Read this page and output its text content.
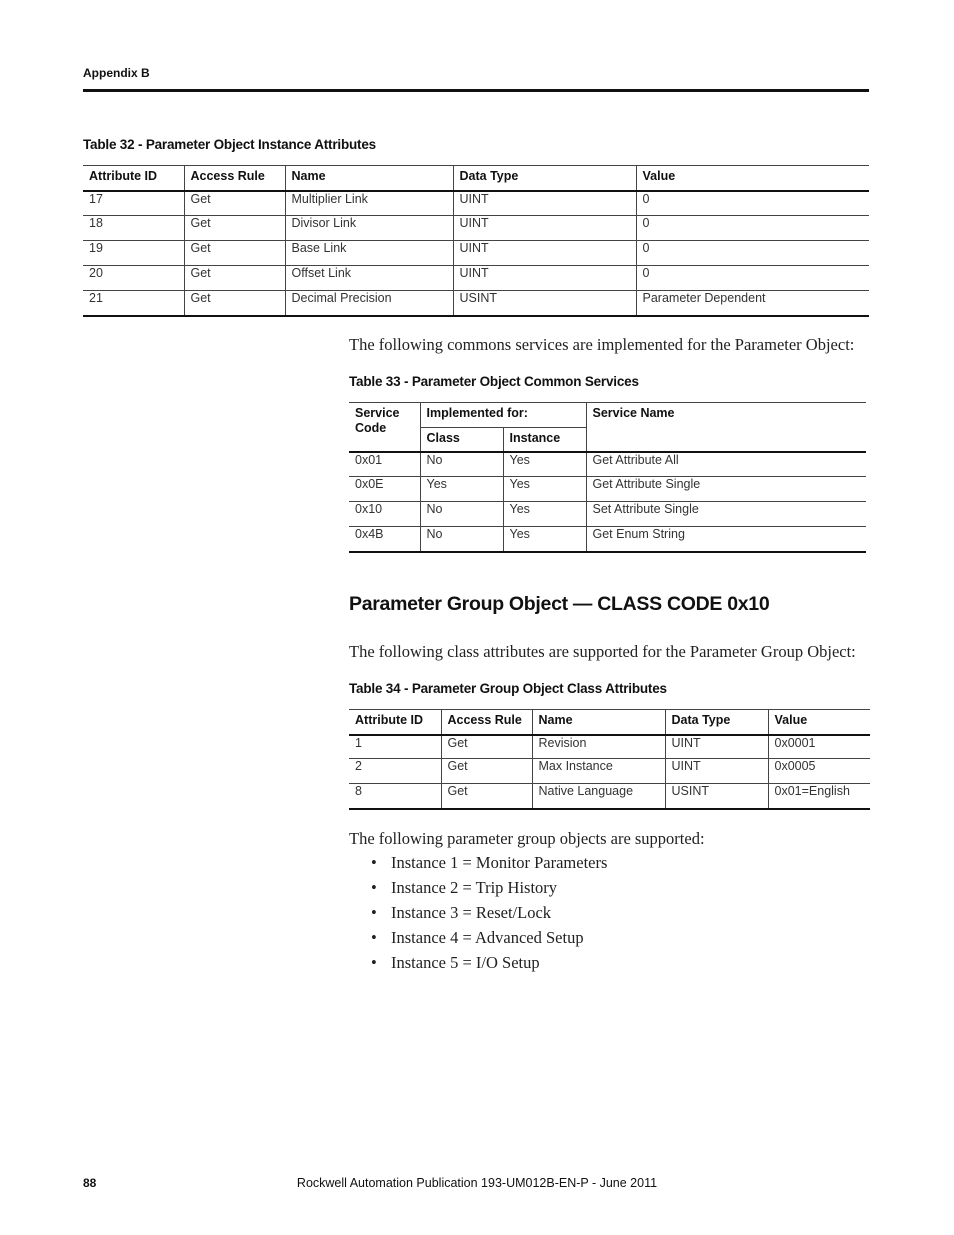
Appendix B
Table 32 - Parameter Object Instance Attributes
Attribute ID	Access Rule	Name	Data Type	Value
17	Get	Multiplier Link	UINT	0
18	Get	Divisor Link	UINT	0
19	Get	Base Link	UINT	0
20	Get	Offset Link	UINT	0
21	Get	Decimal Precision	USINT	Parameter Dependent
The following commons services are implemented for the Parameter Object:
Table 33 - Parameter Object Common Services
Service Code	Implemented for:		Service Name
	Class	Instance	
0x01	No	Yes	Get Attribute All
0x0E	Yes	Yes	Get Attribute Single
0x10	No	Yes	Set Attribute Single
0x4B	No	Yes	Get Enum String
Parameter Group Object — CLASS CODE 0x10
The following class attributes are supported for the Parameter Group Object:
Table 34 - Parameter Group Object Class Attributes
Attribute ID	Access Rule	Name	Data Type	Value
1	Get	Revision	UINT	0x0001
2	Get	Max Instance	UINT	0x0005
8	Get	Native Language	USINT	0x01=English
The following parameter group objects are supported:
• Instance 1 = Monitor Parameters
• Instance 2 = Trip History
• Instance 3 = Reset/Lock
• Instance 4 = Advanced Setup
• Instance 5 = I/O Setup
Rockwell Automation Publication 193-UM012B-EN-P - June 2011
88
